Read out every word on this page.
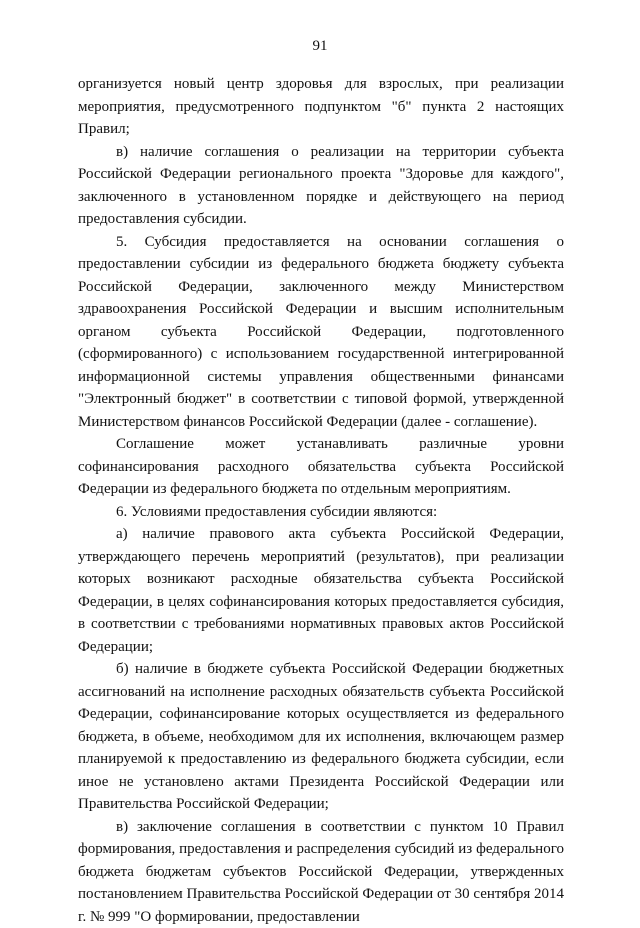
91

организуется новый центр здоровья для взрослых, при реализации мероприятия, предусмотренного подпунктом "б" пункта 2 настоящих Правил;

в) наличие соглашения о реализации на территории субъекта Российской Федерации регионального проекта "Здоровье для каждого", заключенного в установленном порядке и действующего на период предоставления субсидии.

5. Субсидия предоставляется на основании соглашения о предоставлении субсидии из федерального бюджета бюджету субъекта Российской Федерации, заключенного между Министерством здравоохранения Российской Федерации и высшим исполнительным органом субъекта Российской Федерации, подготовленного (сформированного) с использованием государственной интегрированной информационной системы управления общественными финансами "Электронный бюджет" в соответствии с типовой формой, утвержденной Министерством финансов Российской Федерации (далее - соглашение).

Соглашение может устанавливать различные уровни софинансирования расходного обязательства субъекта Российской Федерации из федерального бюджета по отдельным мероприятиям.

6. Условиями предоставления субсидии являются:

а) наличие правового акта субъекта Российской Федерации, утверждающего перечень мероприятий (результатов), при реализации которых возникают расходные обязательства субъекта Российской Федерации, в целях софинансирования которых предоставляется субсидия, в соответствии с требованиями нормативных правовых актов Российской Федерации;

б) наличие в бюджете субъекта Российской Федерации бюджетных ассигнований на исполнение расходных обязательств субъекта Российской Федерации, софинансирование которых осуществляется из федерального бюджета, в объеме, необходимом для их исполнения, включающем размер планируемой к предоставлению из федерального бюджета субсидии, если иное не установлено актами Президента Российской Федерации или Правительства Российской Федерации;

в) заключение соглашения в соответствии с пунктом 10 Правил формирования, предоставления и распределения субсидий из федерального бюджета бюджетам субъектов Российской Федерации, утвержденных постановлением Правительства Российской Федерации от 30 сентября 2014 г. № 999 "О формировании, предоставлении
